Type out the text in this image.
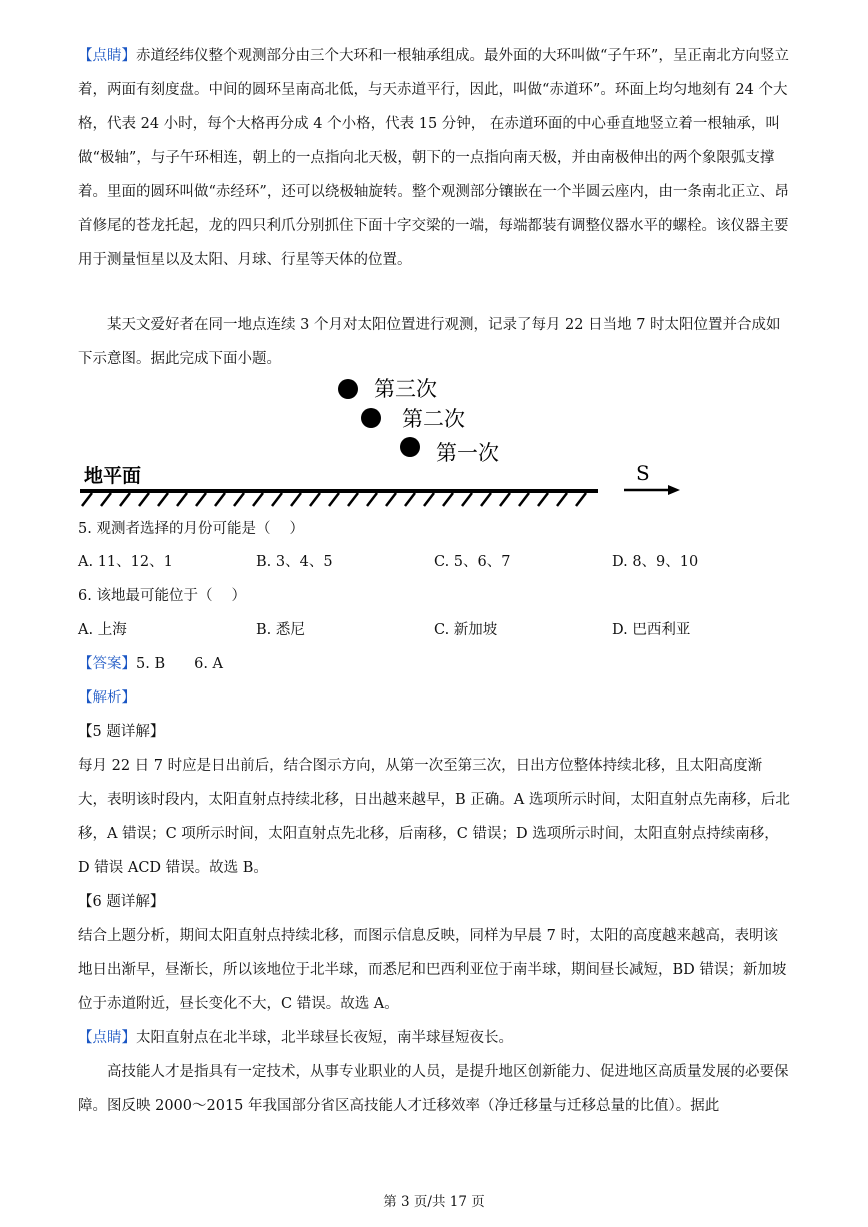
【点睛】赤道经纬仪整个观测部分由三个大环和一根轴承组成。最外面的大环叫做“子午环”，呈正南北方向竖立着，两面有刻度盘。中间的圆环呈南高北低，与天赤道平行，因此，叫做“赤道环”。环面上均匀地刻有 24 个大格，代表 24 小时，每个大格再分成 4 个小格，代表 15 分钟， 在赤道环面的中心垂直地竖立着一根轴承，叫做“极轴”，与子午环相连，朝上的一点指向北天极，朝下的一点指向南天极，并由南极伸出的两个象限弧支撑着。里面的圆环叫做“赤经环”，还可以绕极轴旋转。整个观测部分镶嵌在一个半圆云座内，由一条南北正立、昂首修尾的苍龙托起，龙的四只利爪分别抓住下面十字交梁的一端，每端都装有调整仪器水平的螺栓。该仪器主要用于测量恒星以及太阳、月球、行星等天体的位置。

某天文爱好者在同一地点连续 3 个月对太阳位置进行观测，记录了每月 22 日当地 7 时太阳位置并合成如下示意图。据此完成下面小题。

第三次
第二次
第一次
地平面	S
5. 观测者选择的月份可能是（　 ）
A. 11、12、1	B. 3、4、5	C. 5、6、7	D. 8、9、10
6. 该地最可能位于（　 ）
A. 上海	B. 悉尼	C. 新加坡	D. 巴西利亚
【答案】5. B　　6. A
【解析】
【5 题详解】

每月 22 日 7 时应是日出前后，结合图示方向，从第一次至第三次，日出方位整体持续北移，且太阳高度渐大，表明该时段内，太阳直射点持续北移，日出越来越早，B 正确。A 选项所示时间，太阳直射点先南移，后北移，A 错误；C 项所示时间，太阳直射点先北移，后南移，C 错误；D 选项所示时间，太阳直射点持续南移，D 错误 ACD 错误。故选 B。

【6 题详解】

结合上题分析，期间太阳直射点持续北移，而图示信息反映，同样为早晨 7 时，太阳的高度越来越高，表明该地日出渐早，昼渐长，所以该地位于北半球，而悉尼和巴西利亚位于南半球，期间昼长减短，BD 错误；新加坡位于赤道附近，昼长变化不大，C 错误。故选 A。

【点睛】太阳直射点在北半球，北半球昼长夜短，南半球昼短夜长。

高技能人才是指具有一定技术，从事专业职业的人员，是提升地区创新能力、促进地区高质量发展的必要保障。图反映 2000～2015 年我国部分省区高技能人才迁移效率（净迁移量与迁移总量的比值）。据此

第 3 页/共 17 页
